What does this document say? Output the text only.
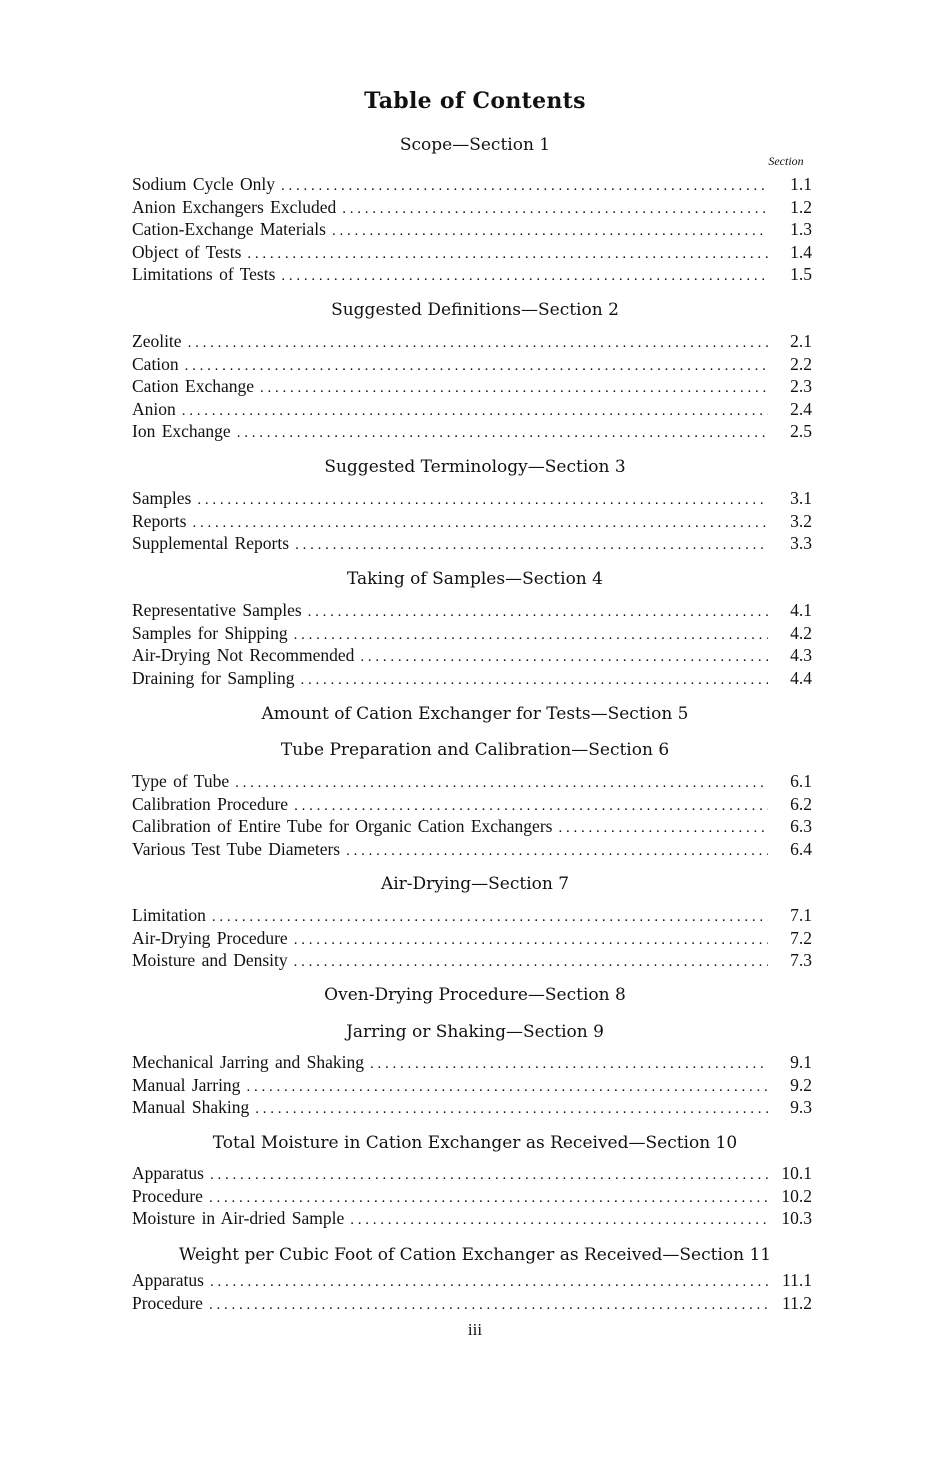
Table of Contents
Section
Scope—Section 1
Sodium Cycle Only . . .	1.1
Anion Exchangers Excluded . . .	1.2
Cation-Exchange Materials . . .	1.3
Object of Tests . . .	1.4
Limitations of Tests . . .	1.5
Suggested Definitions—Section 2
Zeolite . . .	2.1
Cation . . .	2.2
Cation Exchange . . .	2.3
Anion . . .	2.4
Ion Exchange . . .	2.5
Suggested Terminology—Section 3
Samples . . .	3.1
Reports . . .	3.2
Supplemental Reports . . .	3.3
Taking of Samples—Section 4
Representative Samples . . .	4.1
Samples for Shipping . . .	4.2
Air-Drying Not Recommended . . .	4.3
Draining for Sampling . . .	4.4
Amount of Cation Exchanger for Tests—Section 5
Tube Preparation and Calibration—Section 6
Type of Tube . . .	6.1
Calibration Procedure . . .	6.2
Calibration of Entire Tube for Organic Cation Exchangers . . .	6.3
Various Test Tube Diameters . . .	6.4
Air-Drying—Section 7
Limitation . . .	7.1
Air-Drying Procedure . . .	7.2
Moisture and Density . . .	7.3
Oven-Drying Procedure—Section 8
Jarring or Shaking—Section 9
Mechanical Jarring and Shaking . . .	9.1
Manual Jarring . . .	9.2
Manual Shaking . . .	9.3
Total Moisture in Cation Exchanger as Received—Section 10
Apparatus . . .	10.1
Procedure . . .	10.2
Moisture in Air-dried Sample . . .	10.3
Weight per Cubic Foot of Cation Exchanger as Received—Section 11
Apparatus . . .	11.1
Procedure . . .	11.2
iii
